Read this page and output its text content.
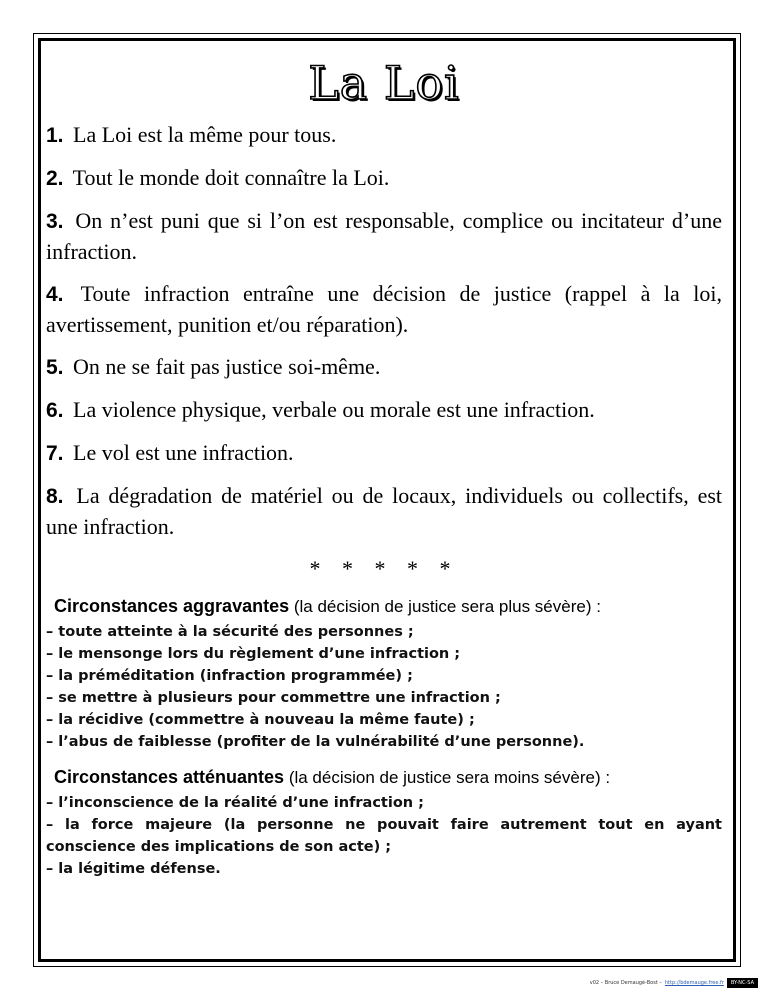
La Loi
1. La Loi est la même pour tous.
2. Tout le monde doit connaître la Loi.
3. On n’est puni que si l’on est responsable, complice ou incitateur d’une infraction.
4. Toute infraction entraîne une décision de justice (rappel à la loi, avertissement, punition et/ou réparation).
5. On ne se fait pas justice soi-même.
6. La violence physique, verbale ou morale est une infraction.
7. Le vol est une infraction.
8. La dégradation de matériel ou de locaux, individuels ou collectifs, est une infraction.
* * * * *
Circonstances aggravantes (la décision de justice sera plus sévère) :
– toute atteinte à la sécurité des personnes ;
– le mensonge lors du règlement d’une infraction ;
– la préméditation (infraction programmée) ;
– se mettre à plusieurs pour commettre une infraction ;
– la récidive (commettre à nouveau la même faute) ;
– l’abus de faiblesse (profiter de la vulnérabilité d’une personne).
Circonstances atténuantes (la décision de justice sera moins sévère) :
– l’inconscience de la réalité d’une infraction ;
– la force majeure (la personne ne pouvait faire autrement tout en ayant conscience des implications de son acte) ;
– la légitime défense.
v02 – Bruce Demaugé-Bost – http://bdemauge.free.fr	BY-NC-SA
